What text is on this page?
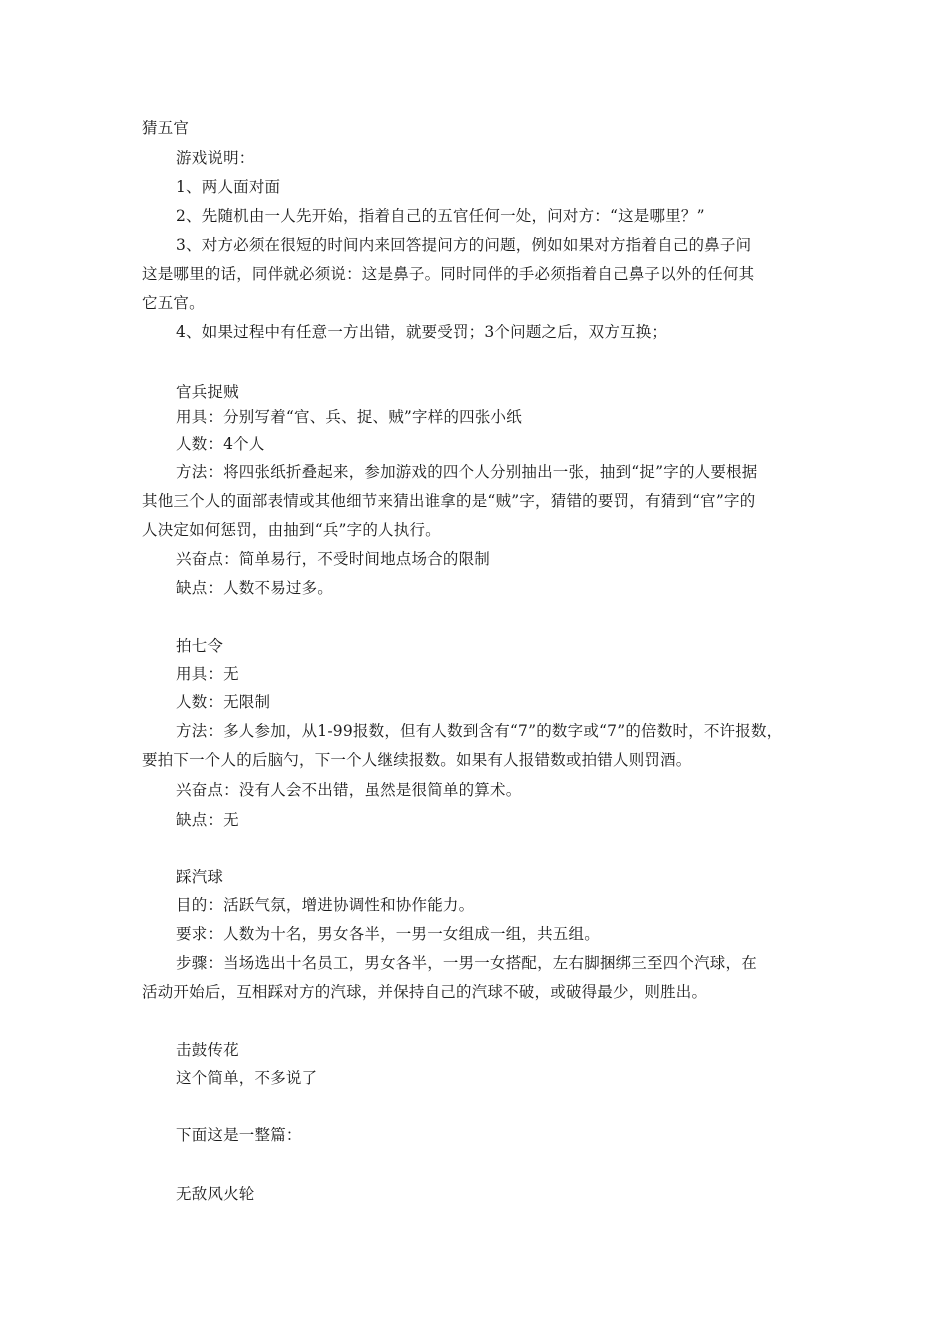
猜五官
游戏说明：
1、两人面对面
2、先随机由一人先开始，指着自己的五官任何一处，问对方：“这是哪里？”
3、对方必须在很短的时间内来回答提问方的问题，例如如果对方指着自己的鼻子问
这是哪里的话，同伴就必须说：这是鼻子。同时同伴的手必须指着自己鼻子以外的任何其
它五官。
4、如果过程中有任意一方出错，就要受罚；3个问题之后，双方互换；
官兵捉贼
用具：分别写着“官、兵、捉、贼”字样的四张小纸
人数：4个人
方法：将四张纸折叠起来，参加游戏的四个人分别抽出一张，抽到“捉”字的人要根据
其他三个人的面部表情或其他细节来猜出谁拿的是“贼”字，猜错的要罚，有猜到“官”字的
人决定如何惩罚，由抽到“兵”字的人执行。
兴奋点：简单易行，不受时间地点场合的限制
缺点：人数不易过多。
拍七令
用具：无
人数：无限制
方法：多人参加，从1-99报数，但有人数到含有“7”的数字或“7”的倍数时，不许报数，
要拍下一个人的后脑勺，下一个人继续报数。如果有人报错数或拍错人则罚酒。
兴奋点：没有人会不出错，虽然是很简单的算术。
缺点：无
踩汽球
目的：活跃气氛，增进协调性和协作能力。
要求：人数为十名，男女各半，一男一女组成一组，共五组。
步骤：当场选出十名员工，男女各半，一男一女搭配，左右脚捆绑三至四个汽球，在
活动开始后，互相踩对方的汽球，并保持自己的汽球不破，或破得最少，则胜出。
击鼓传花
这个简单，不多说了
下面这是一整篇：
无敌风火轮
